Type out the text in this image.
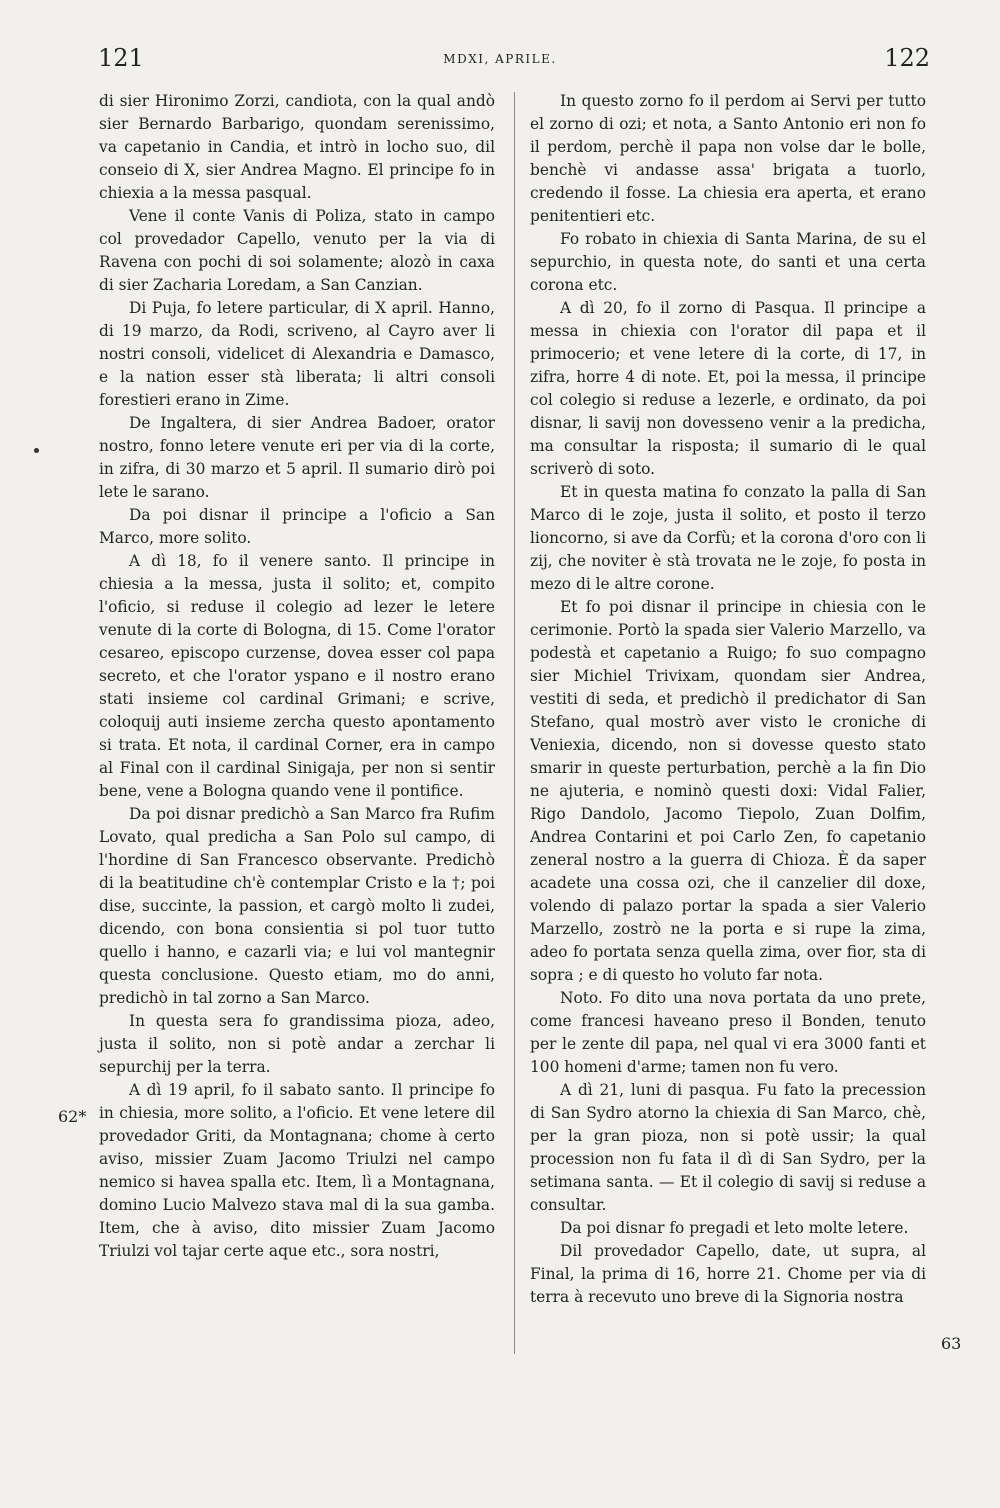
121	MDXI, APRILE.	122
62*
63

di sier Hironimo Zorzi, candiota, con la qual andò sier Bernardo Barbarigo, quondam serenissimo, va capetanio in Candia, et intrò in locho suo, dil conseio di X, sier Andrea Magno. El principe fo in chiexia a la messa pasqual.

Vene il conte Vanis di Poliza, stato in campo col provedador Capello, venuto per la via di Ravena con pochi di soi solamente; alozò in caxa di sier Zacharia Loredam, a San Canzian.

Di Puja, fo letere particular, di X april. Hanno, di 19 marzo, da Rodi, scriveno, al Cayro aver li nostri consoli, videlicet di Alexandria e Damasco, e la nation esser stà liberata; li altri consoli forestieri erano in Zime.

De Ingaltera, di sier Andrea Badoer, orator nostro, fonno letere venute eri per via di la corte, in zifra, di 30 marzo et 5 april. Il sumario dirò poi lete le sarano.

Da poi disnar il principe a l'oficio a San Marco, more solito.

A dì 18, fo il venere santo. Il principe in chiesia a la messa, justa il solito; et, compito l'oficio, si reduse il colegio ad lezer le letere venute di la corte di Bologna, di 15. Come l'orator cesareo, episcopo curzense, dovea esser col papa secreto, et che l'orator yspano e il nostro erano stati insieme col cardinal Grimani; e scrive, coloquij auti insieme zercha questo apontamento si trata. Et nota, il cardinal Corner, era in campo al Final con il cardinal Sinigaja, per non si sentir bene, vene a Bologna quando vene il pontifice.

Da poi disnar predichò a San Marco fra Rufim Lovato, qual predicha a San Polo sul campo, di l'hordine di San Francesco observante. Predichò di la beatitudine ch'è contemplar Cristo e la †; poi dise, succinte, la passion, et cargò molto li zudei, dicendo, con bona consientia si pol tuor tutto quello i hanno, e cazarli via; e lui vol mantegnir questa conclusione. Questo etiam, mo do anni, predichò in tal zorno a San Marco.

In questa sera fo grandissima pioza, adeo, justa il solito, non si potè andar a zerchar li sepurchij per la terra.

A dì 19 april, fo il sabato santo. Il principe fo in chiesia, more solito, a l'oficio. Et vene letere dil provedador Griti, da Montagnana; chome à certo aviso, missier Zuam Jacomo Triulzi nel campo nemico si havea spalla etc. Item, lì a Montagnana, domino Lucio Malvezo stava mal di la sua gamba. Item, che à aviso, dito missier Zuam Jacomo Triulzi vol tajar certe aque etc., sora nostri,

In questo zorno fo il perdom ai Servi per tutto el zorno di ozi; et nota, a Santo Antonio eri non fo il perdom, perchè il papa non volse dar le bolle, benchè vi andasse assa' brigata a tuorlo, credendo il fosse. La chiesia era aperta, et erano penitentieri etc.

Fo robato in chiexia di Santa Marina, de su el sepurchio, in questa note, do santi et una certa corona etc.

A dì 20, fo il zorno di Pasqua. Il principe a messa in chiexia con l'orator dil papa et il primocerio; et vene letere di la corte, di 17, in zifra, horre 4 di note. Et, poi la messa, il principe col colegio si reduse a lezerle, e ordinato, da poi disnar, li savij non dovesseno venir a la predicha, ma consultar la risposta; il sumario di le qual scriverò di soto.

Et in questa matina fo conzato la palla di San Marco di le zoje, justa il solito, et posto il terzo lioncorno, si ave da Corfù; et la corona d'oro con li zij, che noviter è stà trovata ne le zoje, fo posta in mezo di le altre corone.

Et fo poi disnar il principe in chiesia con le cerimonie. Portò la spada sier Valerio Marzello, va podestà et capetanio a Ruigo; fo suo compagno sier Michiel Trivixam, quondam sier Andrea, vestiti di seda, et predichò il predichator di San Stefano, qual mostrò aver visto le croniche di Veniexia, dicendo, non si dovesse questo stato smarir in queste perturbation, perchè a la fin Dio ne ajuteria, e nominò questi doxi: Vidal Falier, Rigo Dandolo, Jacomo Tiepolo, Zuan Dolfim, Andrea Contarini et poi Carlo Zen, fo capetanio zeneral nostro a la guerra di Chioza. È da saper acadete una cossa ozi, che il canzelier dil doxe, volendo di palazo portar la spada a sier Valerio Marzello, zostrò ne la porta e si rupe la zima, adeo fo portata senza quella zima, over fior, sta di sopra ; e di questo ho voluto far nota.

Noto. Fo dito una nova portata da uno prete, come francesi haveano preso il Bonden, tenuto per le zente dil papa, nel qual vi era 3000 fanti et 100 homeni d'arme; tamen non fu vero.

A dì 21, luni di pasqua. Fu fato la precession di San Sydro atorno la chiexia di San Marco, chè, per la gran pioza, non si potè ussir; la qual procession non fu fata il dì di San Sydro, per la setimana santa. — Et il colegio di savij si reduse a consultar.

Da poi disnar fo pregadi et leto molte letere.

Dil provedador Capello, date, ut supra, al Final, la prima di 16, horre 21. Chome per via di terra à recevuto uno breve di la Signoria nostra
